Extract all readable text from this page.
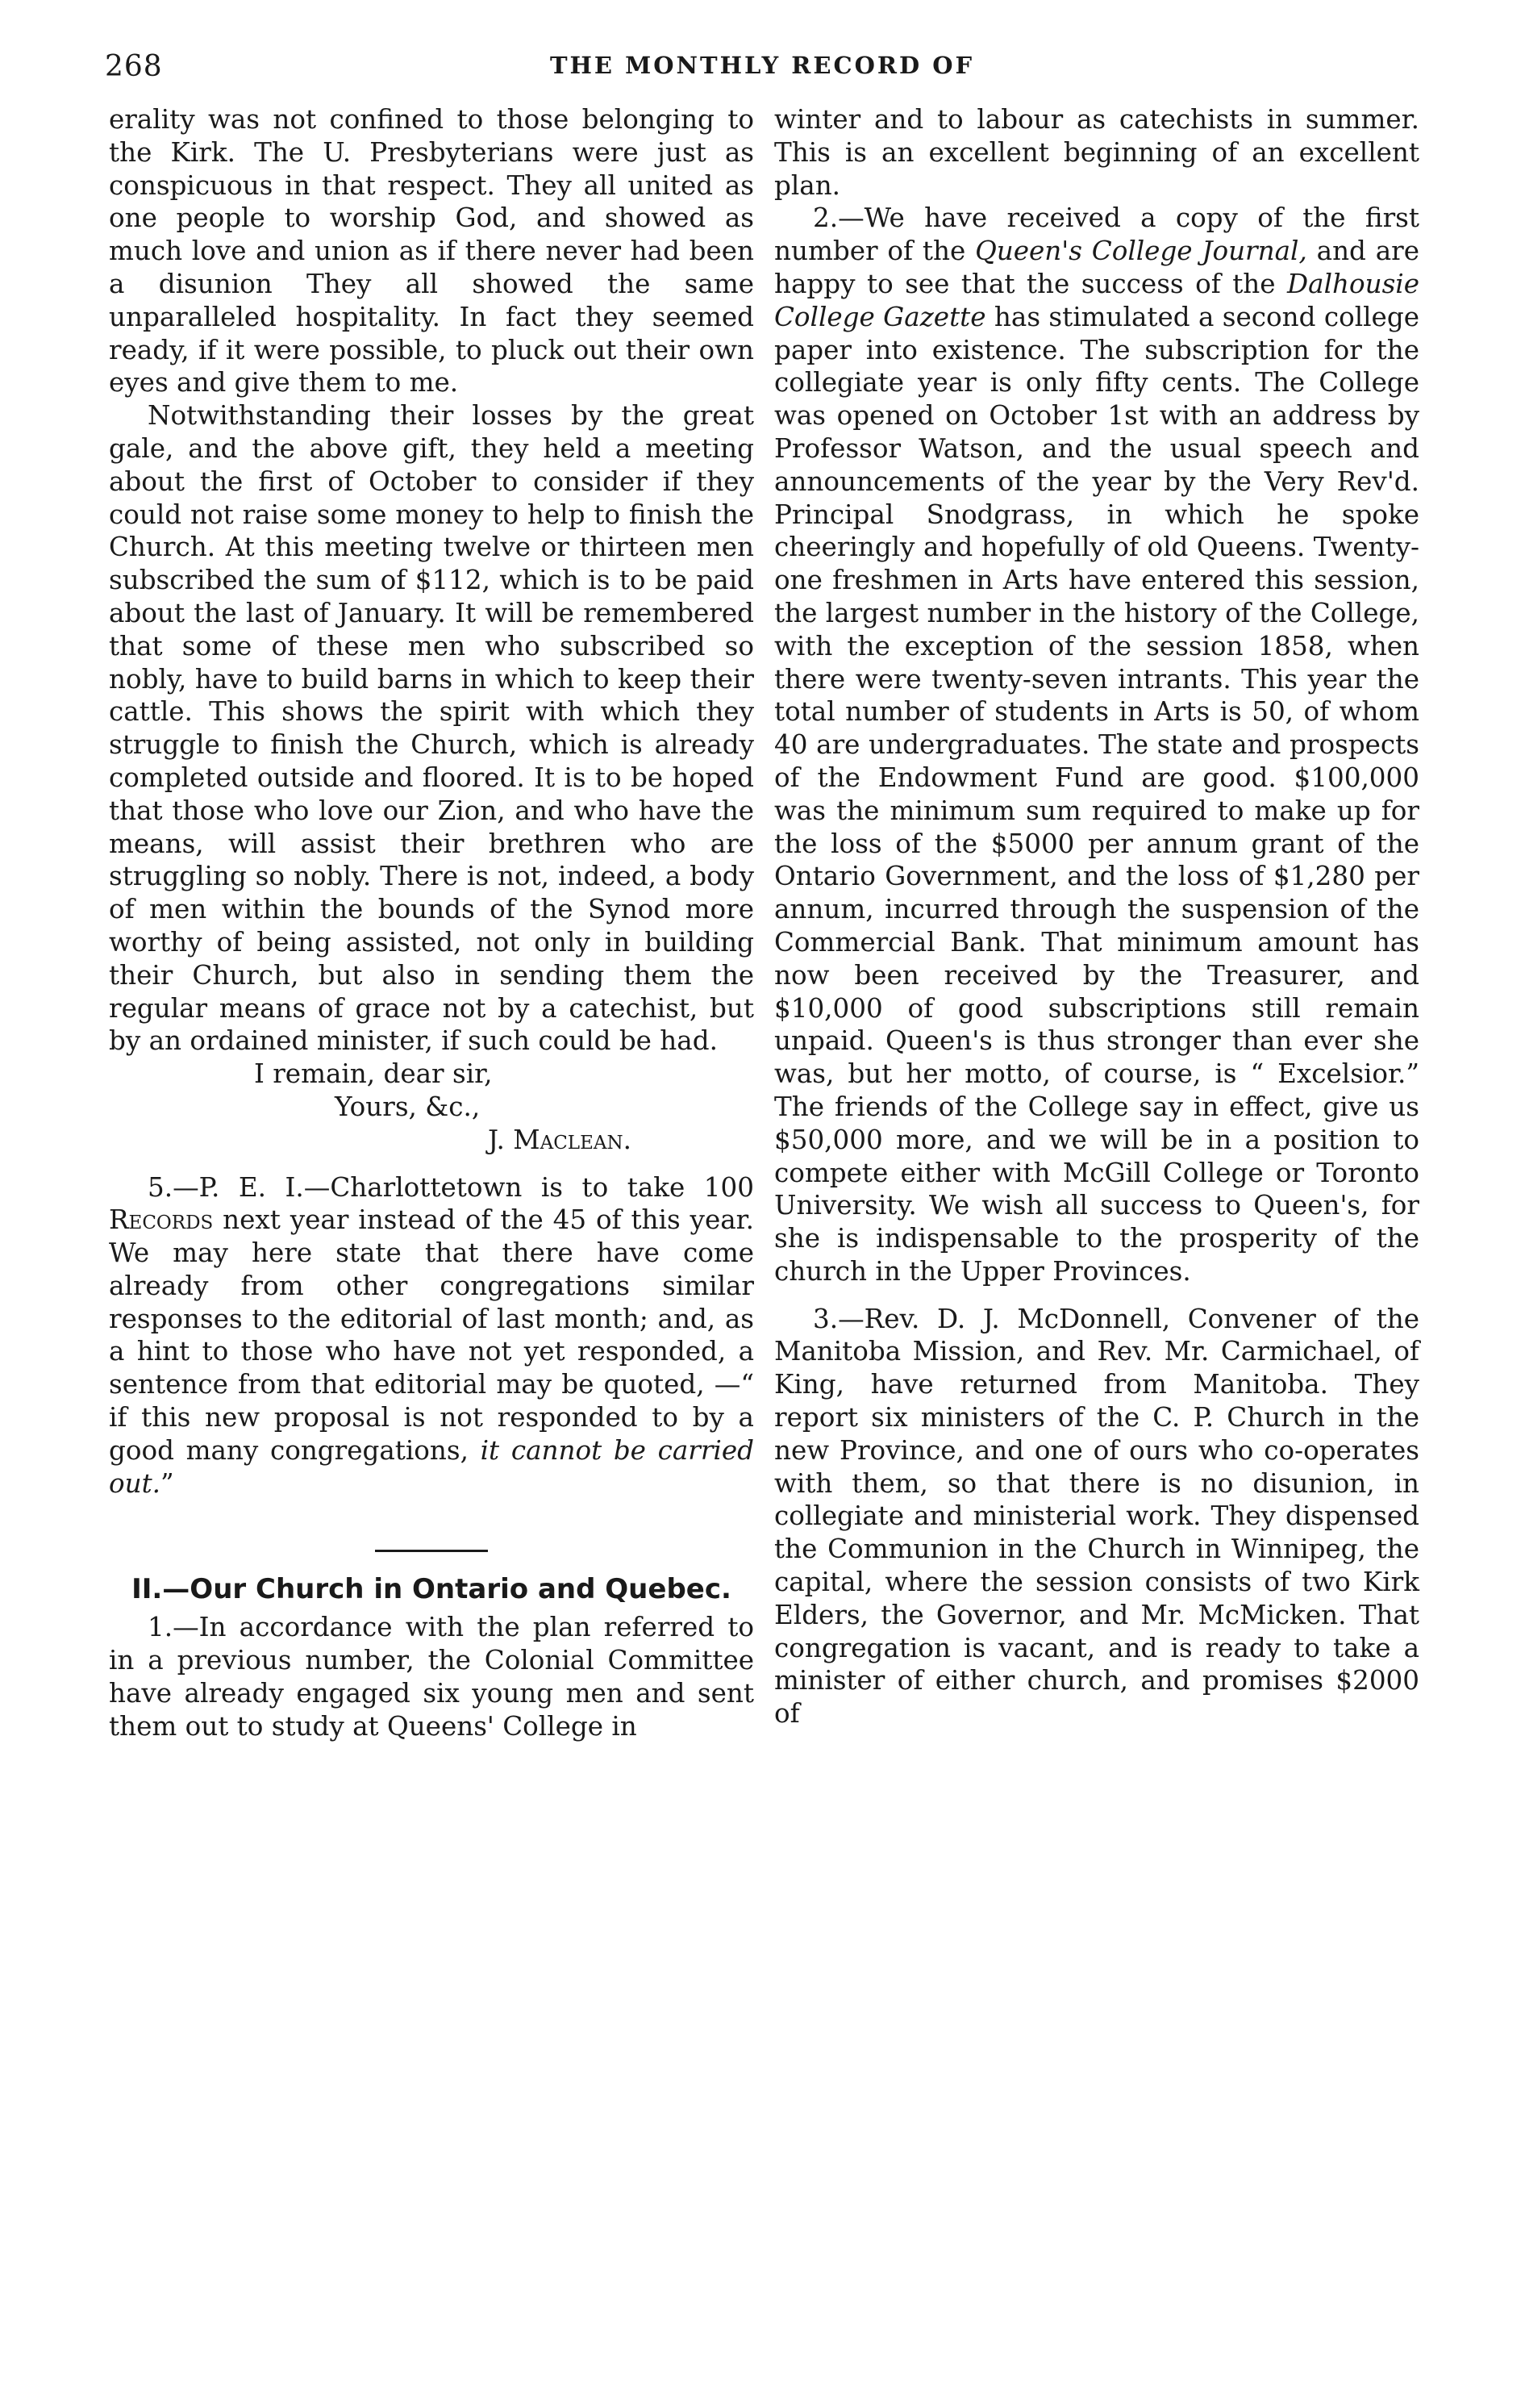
268	THE MONTHLY RECORD OF

erality was not confined to those belonging to the Kirk. The U. Presbyterians were just as conspicuous in that respect. They all united as one people to worship God, and showed as much love and union as if there never had been a disunion They all showed the same unparalleled hospitality. In fact they seemed ready, if it were possible, to pluck out their own eyes and give them to me.

Notwithstanding their losses by the great gale, and the above gift, they held a meeting about the first of October to consider if they could not raise some money to help to finish the Church. At this meeting twelve or thirteen men subscribed the sum of $112, which is to be paid about the last of January. It will be remembered that some of these men who subscribed so nobly, have to build barns in which to keep their cattle. This shows the spirit with which they struggle to finish the Church, which is already completed outside and floored. It is to be hoped that those who love our Zion, and who have the means, will assist their brethren who are struggling so nobly. There is not, indeed, a body of men within the bounds of the Synod more worthy of being assisted, not only in building their Church, but also in sending them the regular means of grace not by a catechist, but by an ordained minister, if such could be had.

I remain, dear sir,
Yours, &c.,
J. Maclean.

5.—P. E. I.—Charlottetown is to take 100 Records next year instead of the 45 of this year. We may here state that there have come already from other congregations similar responses to the editorial of last month; and, as a hint to those who have not yet responded, a sentence from that editorial may be quoted, —“ if this new proposal is not responded to by a good many congregations, it cannot be carried out.”

II.—Our Church in Ontario and Quebec.

1.—In accordance with the plan referred to in a previous number, the Colonial Committee have already engaged six young men and sent them out to study at Queens' College in

winter and to labour as catechists in summer. This is an excellent beginning of an excellent plan.

2.—We have received a copy of the first number of the Queen's College Journal, and are happy to see that the success of the Dalhousie College Gazette has stimulated a second college paper into existence. The subscription for the collegiate year is only fifty cents. The College was opened on October 1st with an address by Professor Watson, and the usual speech and announcements of the year by the Very Rev'd. Principal Snodgrass, in which he spoke cheeringly and hopefully of old Queens. Twenty-one freshmen in Arts have entered this session, the largest number in the history of the College, with the exception of the session 1858, when there were twenty-seven intrants. This year the total number of students in Arts is 50, of whom 40 are undergraduates. The state and prospects of the Endowment Fund are good. $100,000 was the minimum sum required to make up for the loss of the $5000 per annum grant of the Ontario Government, and the loss of $1,280 per annum, incurred through the suspension of the Commercial Bank. That minimum amount has now been received by the Treasurer, and $10,000 of good subscriptions still remain unpaid. Queen's is thus stronger than ever she was, but her motto, of course, is “ Excelsior.” The friends of the College say in effect, give us $50,000 more, and we will be in a position to compete either with McGill College or Toronto University. We wish all success to Queen's, for she is indispensable to the prosperity of the church in the Upper Provinces.

3.—Rev. D. J. McDonnell, Convener of the Manitoba Mission, and Rev. Mr. Carmichael, of King, have returned from Manitoba. They report six ministers of the C. P. Church in the new Province, and one of ours who co-operates with them, so that there is no disunion, in collegiate and ministerial work. They dispensed the Communion in the Church in Winnipeg, the capital, where the session consists of two Kirk Elders, the Governor, and Mr. McMicken. That congregation is vacant, and is ready to take a minister of either church, and promises $2000 of
